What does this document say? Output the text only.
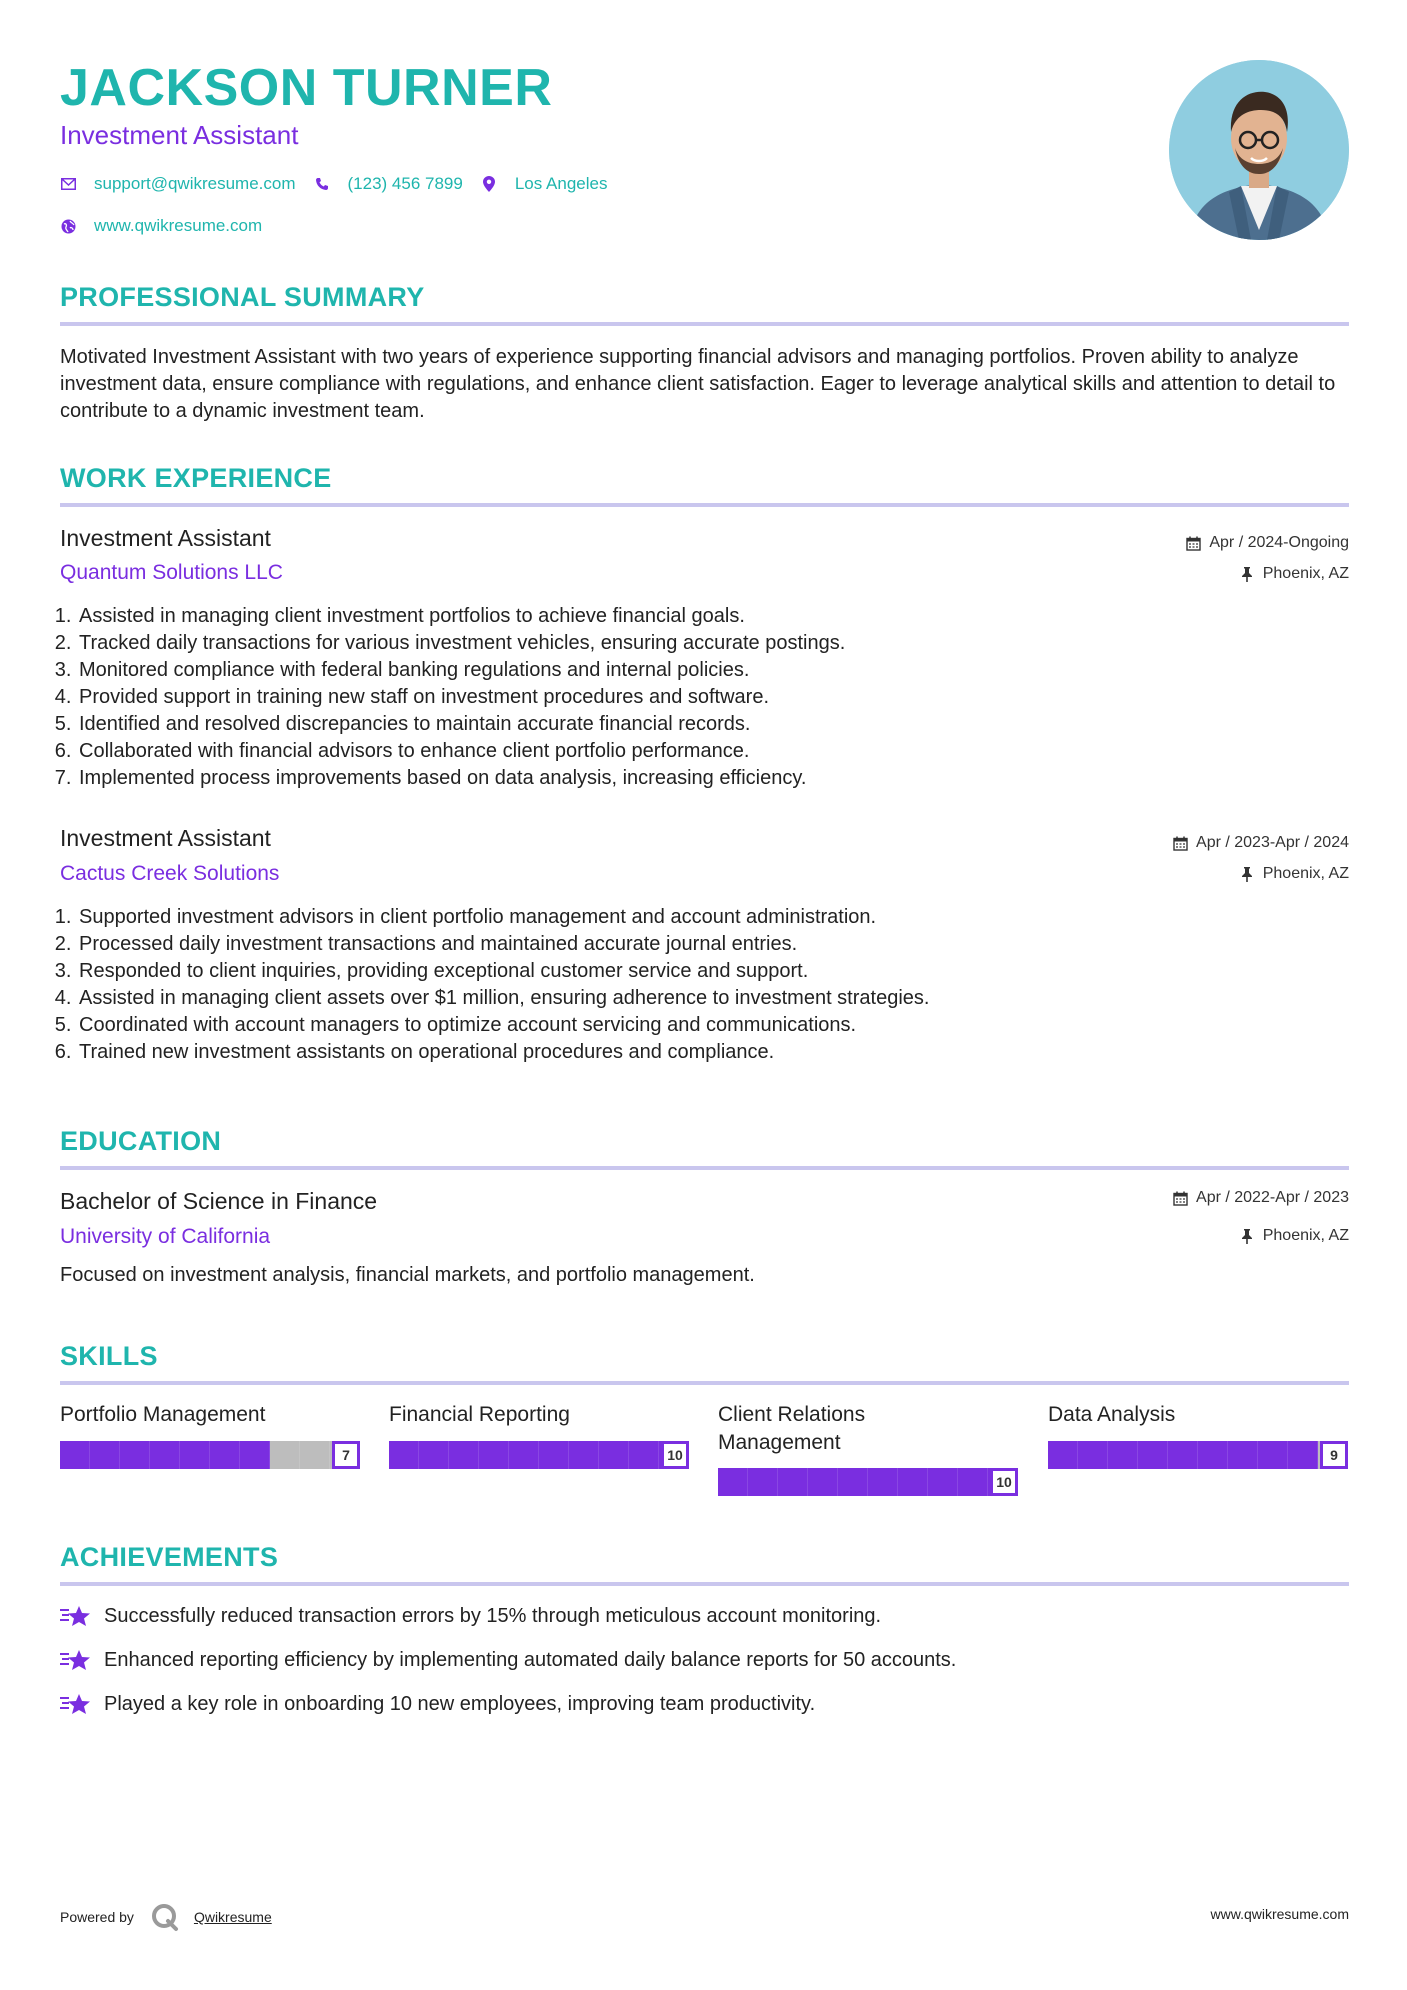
JACKSON TURNER
Investment Assistant
support@qwikresume.com	(123) 456 7899	Los Angeles
www.qwikresume.com
PROFESSIONAL SUMMARY
Motivated Investment Assistant with two years of experience supporting financial advisors and managing portfolios. Proven ability to analyze investment data, ensure compliance with regulations, and enhance client satisfaction. Eager to leverage analytical skills and attention to detail to contribute to a dynamic investment team.
WORK EXPERIENCE
Investment Assistant
Quantum Solutions LLC
Apr / 2024-Ongoing
Phoenix, AZ
1. Assisted in managing client investment portfolios to achieve financial goals.
2. Tracked daily transactions for various investment vehicles, ensuring accurate postings.
3. Monitored compliance with federal banking regulations and internal policies.
4. Provided support in training new staff on investment procedures and software.
5. Identified and resolved discrepancies to maintain accurate financial records.
6. Collaborated with financial advisors to enhance client portfolio performance.
7. Implemented process improvements based on data analysis, increasing efficiency.
Investment Assistant
Cactus Creek Solutions
Apr / 2023-Apr / 2024
Phoenix, AZ
1. Supported investment advisors in client portfolio management and account administration.
2. Processed daily investment transactions and maintained accurate journal entries.
3. Responded to client inquiries, providing exceptional customer service and support.
4. Assisted in managing client assets over $1 million, ensuring adherence to investment strategies.
5. Coordinated with account managers to optimize account servicing and communications.
6. Trained new investment assistants on operational procedures and compliance.
EDUCATION
Bachelor of Science in Finance
University of California
Apr / 2022-Apr / 2023
Phoenix, AZ
Focused on investment analysis, financial markets, and portfolio management.
SKILLS
Portfolio Management
7
Financial Reporting
10
Client Relations Management
10
Data Analysis
9
ACHIEVEMENTS
Successfully reduced transaction errors by 15% through meticulous account monitoring.
Enhanced reporting efficiency by implementing automated daily balance reports for 50 accounts.
Played a key role in onboarding 10 new employees, improving team productivity.
Powered by	Qwikresume	www.qwikresume.com
